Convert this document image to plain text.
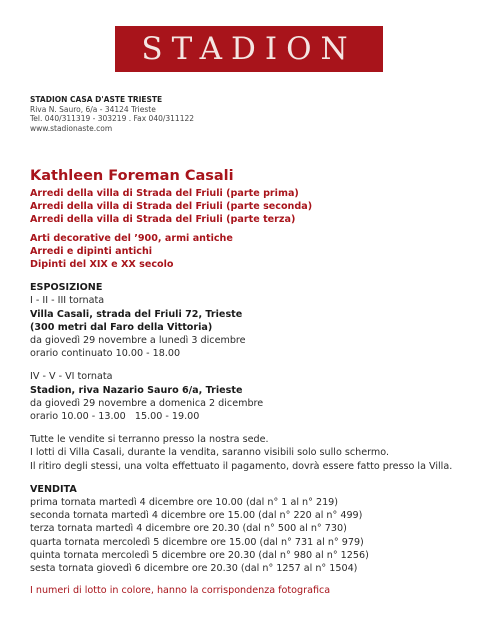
STADION
STADION CASA D'ASTE TRIESTE
Riva N. Sauro, 6/a - 34124 Trieste
Tel. 040/311319 - 303219 . Fax 040/311122
www.stadionaste.com
Kathleen Foreman Casali
Arredi della villa di Strada del Friuli (parte prima)
Arredi della villa di Strada del Friuli (parte seconda)
Arredi della villa di Strada del Friuli (parte terza)
Arti decorative del ’900, armi antiche
Arredi e dipinti antichi
Dipinti del XIX e XX secolo
ESPOSIZIONE
I - II - III tornata
Villa Casali, strada del Friuli 72, Trieste
(300 metri dal Faro della Vittoria)
da giovedì 29 novembre a lunedì 3 dicembre
orario continuato 10.00 - 18.00
IV - V - VI tornata
Stadion, riva Nazario Sauro 6/a, Trieste
da giovedì 29 novembre a domenica 2 dicembre
orario 10.00 - 13.00   15.00 - 19.00
Tutte le vendite si terranno presso la nostra sede.
I lotti di Villa Casali, durante la vendita, saranno visibili solo sullo schermo.
Il ritiro degli stessi, una volta effettuato il pagamento, dovrà essere fatto presso la Villa.
VENDITA
prima tornata martedì 4 dicembre ore 10.00 (dal n° 1 al n° 219)
seconda tornata martedì 4 dicembre ore 15.00 (dal n° 220 al n° 499)
terza tornata martedì 4 dicembre ore 20.30 (dal n° 500 al n° 730)
quarta tornata mercoledì 5 dicembre ore 15.00 (dal n° 731 al n° 979)
quinta tornata mercoledì 5 dicembre ore 20.30 (dal n° 980 al n° 1256)
sesta tornata giovedì 6 dicembre ore 20.30 (dal n° 1257 al n° 1504)
I numeri di lotto in colore, hanno la corrispondenza fotografica
